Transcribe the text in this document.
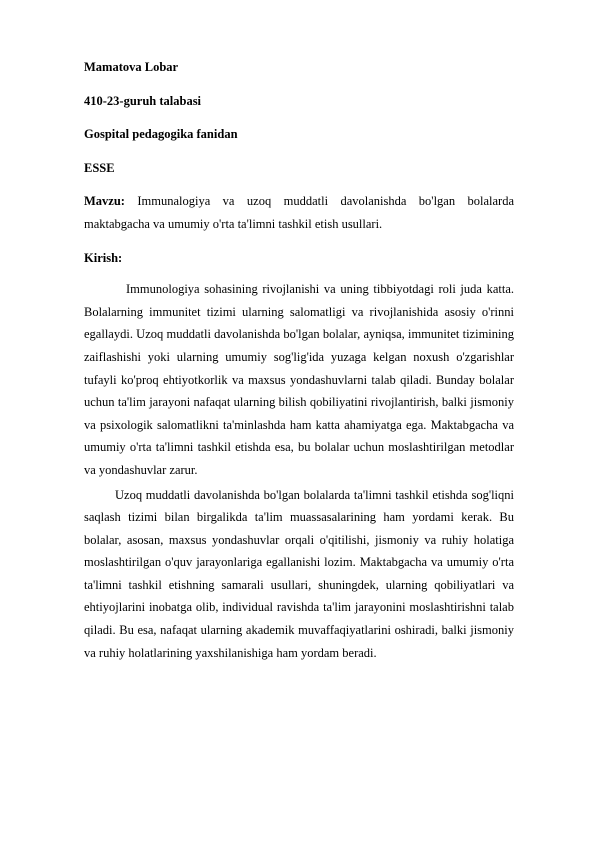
Mamatova Lobar

410-23-guruh talabasi

Gospital pedagogika fanidan

ESSE

Mavzu: Immunalogiya va uzoq muddatli davolanishda bo'lgan bolalarda maktabgacha va umumiy o'rta ta'limni tashkil etish usullari.

Kirish:

Immunologiya sohasining rivojlanishi va uning tibbiyotdagi roli juda katta. Bolalarning immunitet tizimi ularning salomatligi va rivojlanishida asosiy o'rinni egallaydi. Uzoq muddatli davolanishda bo'lgan bolalar, ayniqsa, immunitet tizimining zaiflashishi yoki ularning umumiy sog'lig'ida yuzaga kelgan noxush o'zgarishlar tufayli ko'proq ehtiyotkorlik va maxsus yondashuvlarni talab qiladi. Bunday bolalar uchun ta'lim jarayoni nafaqat ularning bilish qobiliyatini rivojlantirish, balki jismoniy va psixologik salomatlikni ta'minlashda ham katta ahamiyatga ega. Maktabgacha va umumiy o'rta ta'limni tashkil etishda esa, bu bolalar uchun moslashtirilgan metodlar va yondashuvlar zarur.

Uzoq muddatli davolanishda bo'lgan bolalarda ta'limni tashkil etishda sog'liqni saqlash tizimi bilan birgalikda ta'lim muassasalarining ham yordami kerak. Bu bolalar, asosan, maxsus yondashuvlar orqali o'qitilishi, jismoniy va ruhiy holatiga moslashtirilgan o'quv jarayonlariga egallanishi lozim. Maktabgacha va umumiy o'rta ta'limni tashkil etishning samarali usullari, shuningdek, ularning qobiliyatlari va ehtiyojlarini inobatga olib, individual ravishda ta'lim jarayonini moslashtirishni talab qiladi. Bu esa, nafaqat ularning akademik muvaffaqiyatlarini oshiradi, balki jismoniy va ruhiy holatlarining yaxshilanishiga ham yordam beradi.
